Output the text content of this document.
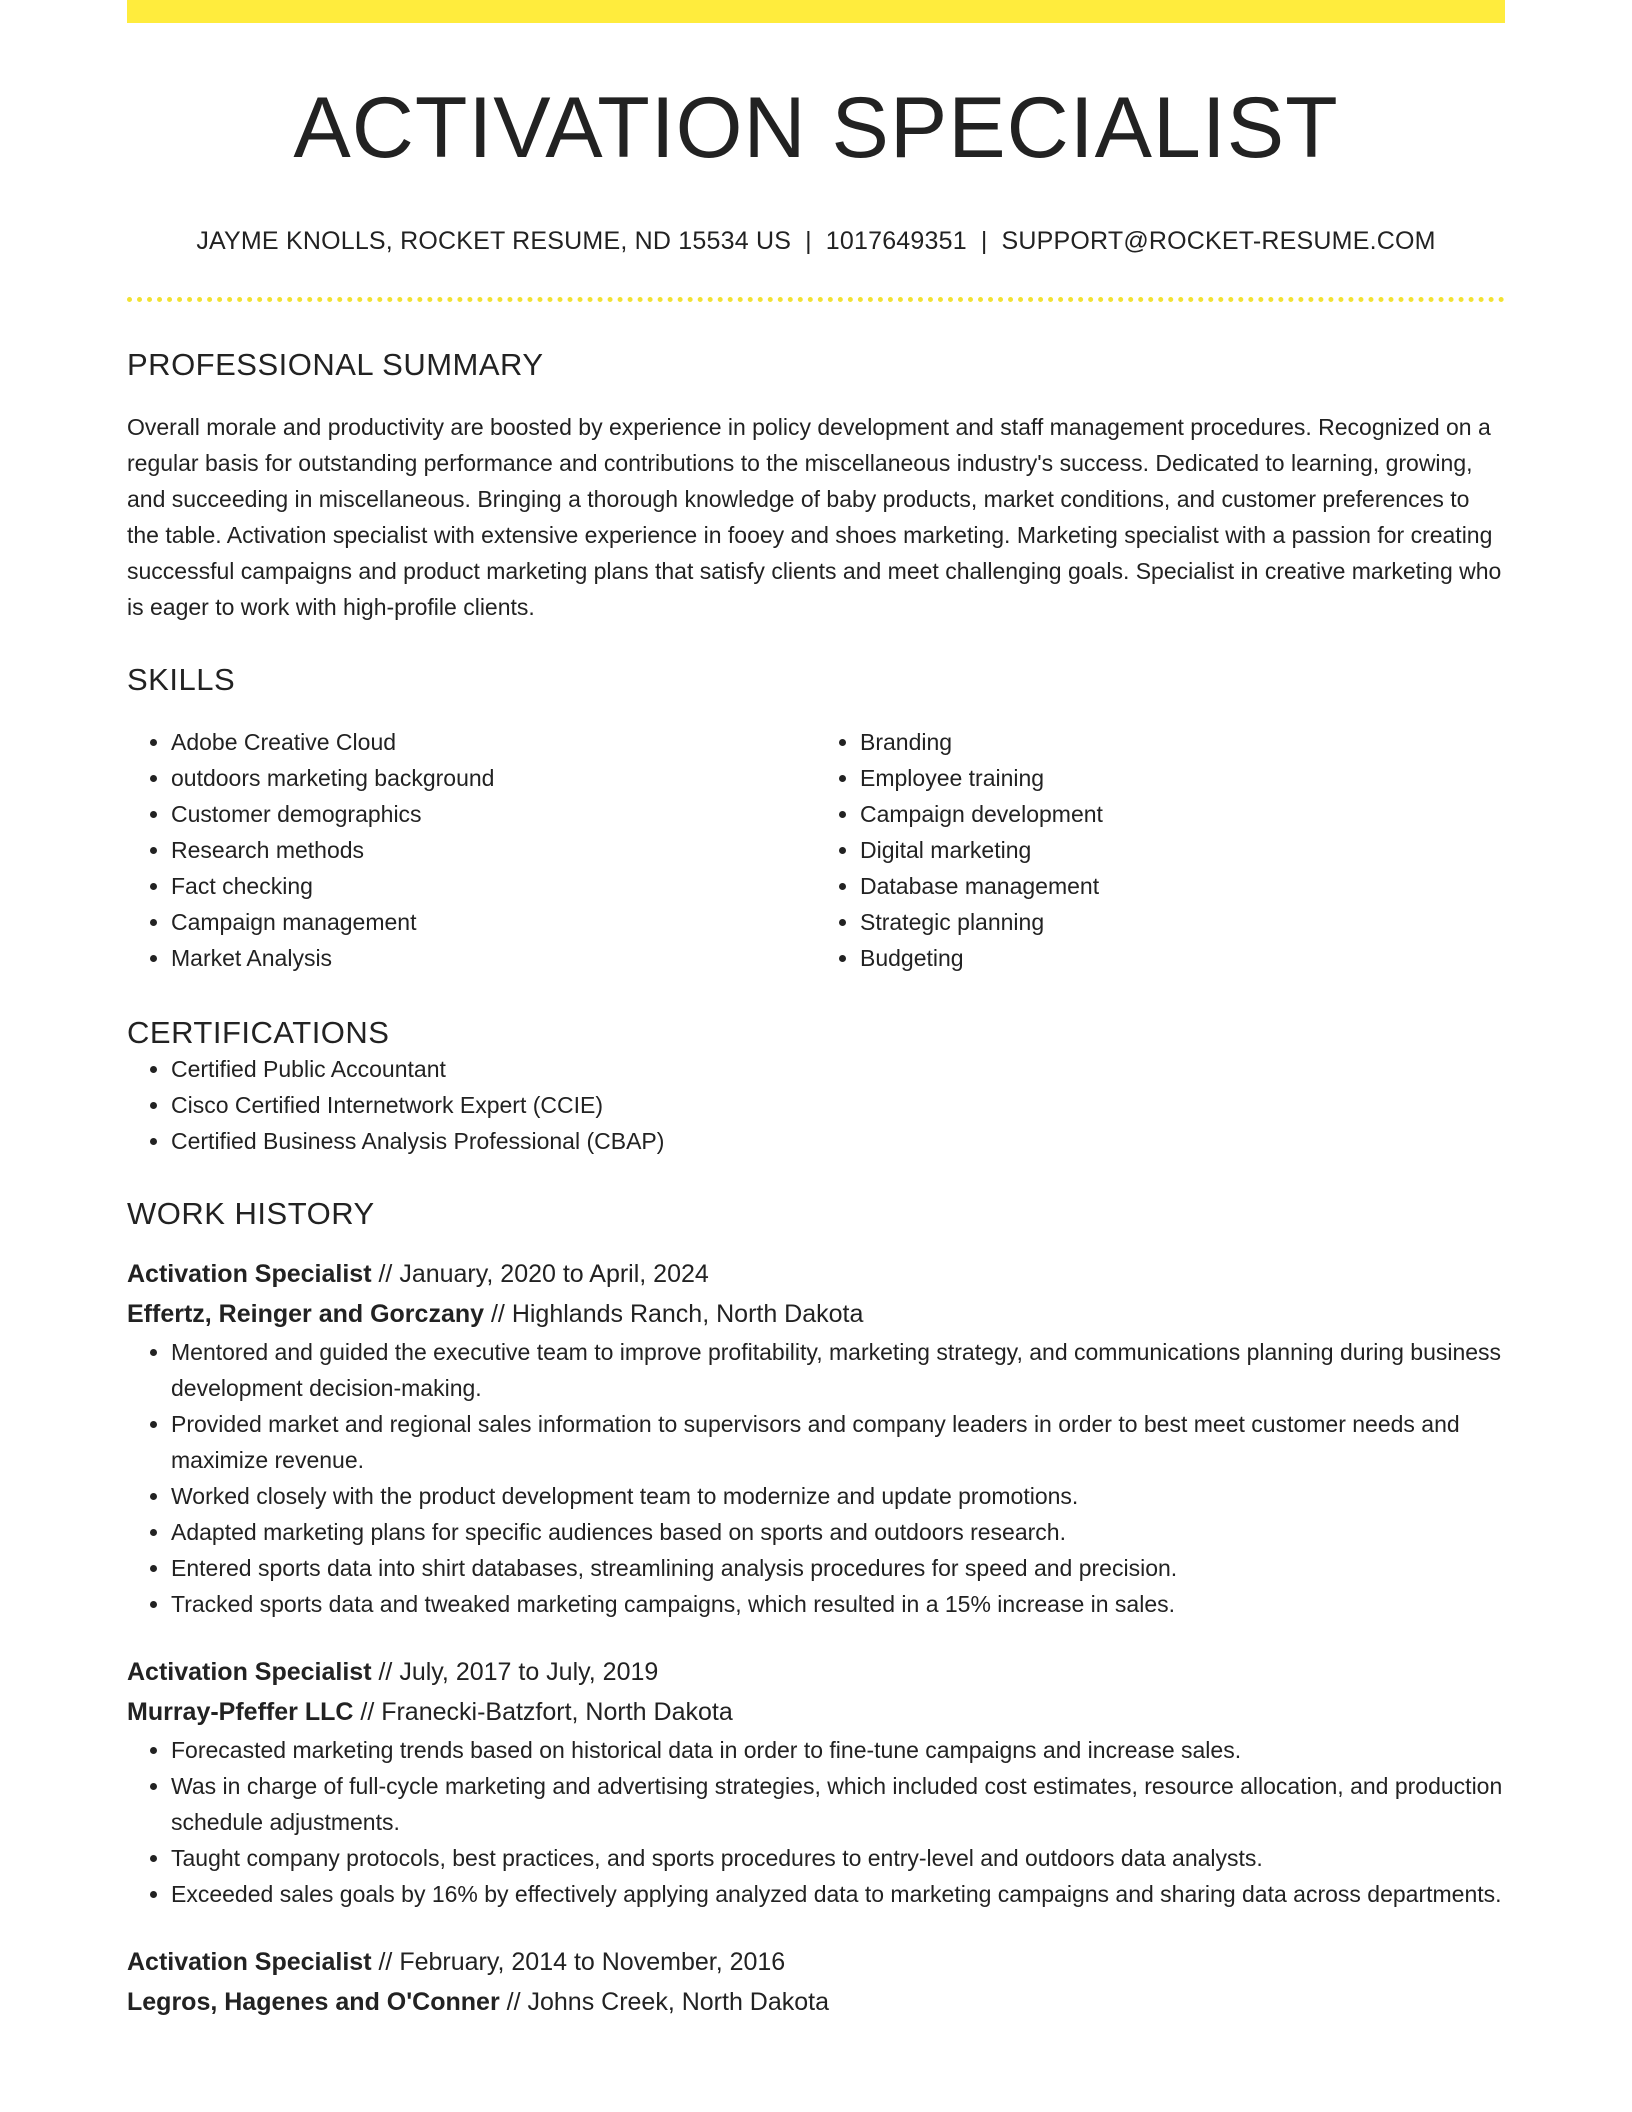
ACTIVATION SPECIALIST
JAYME KNOLLS, ROCKET RESUME, ND 15534 US | 1017649351 | SUPPORT@ROCKET-RESUME.COM
PROFESSIONAL SUMMARY

Overall morale and productivity are boosted by experience in policy development and staff management procedures. Recognized on a regular basis for outstanding performance and contributions to the miscellaneous industry's success. Dedicated to learning, growing, and succeeding in miscellaneous. Bringing a thorough knowledge of baby products, market conditions, and customer preferences to the table. Activation specialist with extensive experience in fooey and shoes marketing. Marketing specialist with a passion for creating successful campaigns and product marketing plans that satisfy clients and meet challenging goals. Specialist in creative marketing who is eager to work with high-profile clients.

SKILLS
• Adobe Creative Cloud
• outdoors marketing background
• Customer demographics
• Research methods
• Fact checking
• Campaign management
• Market Analysis
• Branding
• Employee training
• Campaign development
• Digital marketing
• Database management
• Strategic planning
• Budgeting
CERTIFICATIONS
• Certified Public Accountant
• Cisco Certified Internetwork Expert (CCIE)
• Certified Business Analysis Professional (CBAP)
WORK HISTORY
Activation Specialist // January, 2020 to April, 2024
Effertz, Reinger and Gorczany // Highlands Ranch, North Dakota
• Mentored and guided the executive team to improve profitability, marketing strategy, and communications planning during business development decision-making.
• Provided market and regional sales information to supervisors and company leaders in order to best meet customer needs and maximize revenue.
• Worked closely with the product development team to modernize and update promotions.
• Adapted marketing plans for specific audiences based on sports and outdoors research.
• Entered sports data into shirt databases, streamlining analysis procedures for speed and precision.
• Tracked sports data and tweaked marketing campaigns, which resulted in a 15% increase in sales.
Activation Specialist // July, 2017 to July, 2019
Murray-Pfeffer LLC // Franecki-Batzfort, North Dakota
• Forecasted marketing trends based on historical data in order to fine-tune campaigns and increase sales.
• Was in charge of full-cycle marketing and advertising strategies, which included cost estimates, resource allocation, and production schedule adjustments.
• Taught company protocols, best practices, and sports procedures to entry-level and outdoors data analysts.
• Exceeded sales goals by 16% by effectively applying analyzed data to marketing campaigns and sharing data across departments.
Activation Specialist // February, 2014 to November, 2016
Legros, Hagenes and O'Conner // Johns Creek, North Dakota
